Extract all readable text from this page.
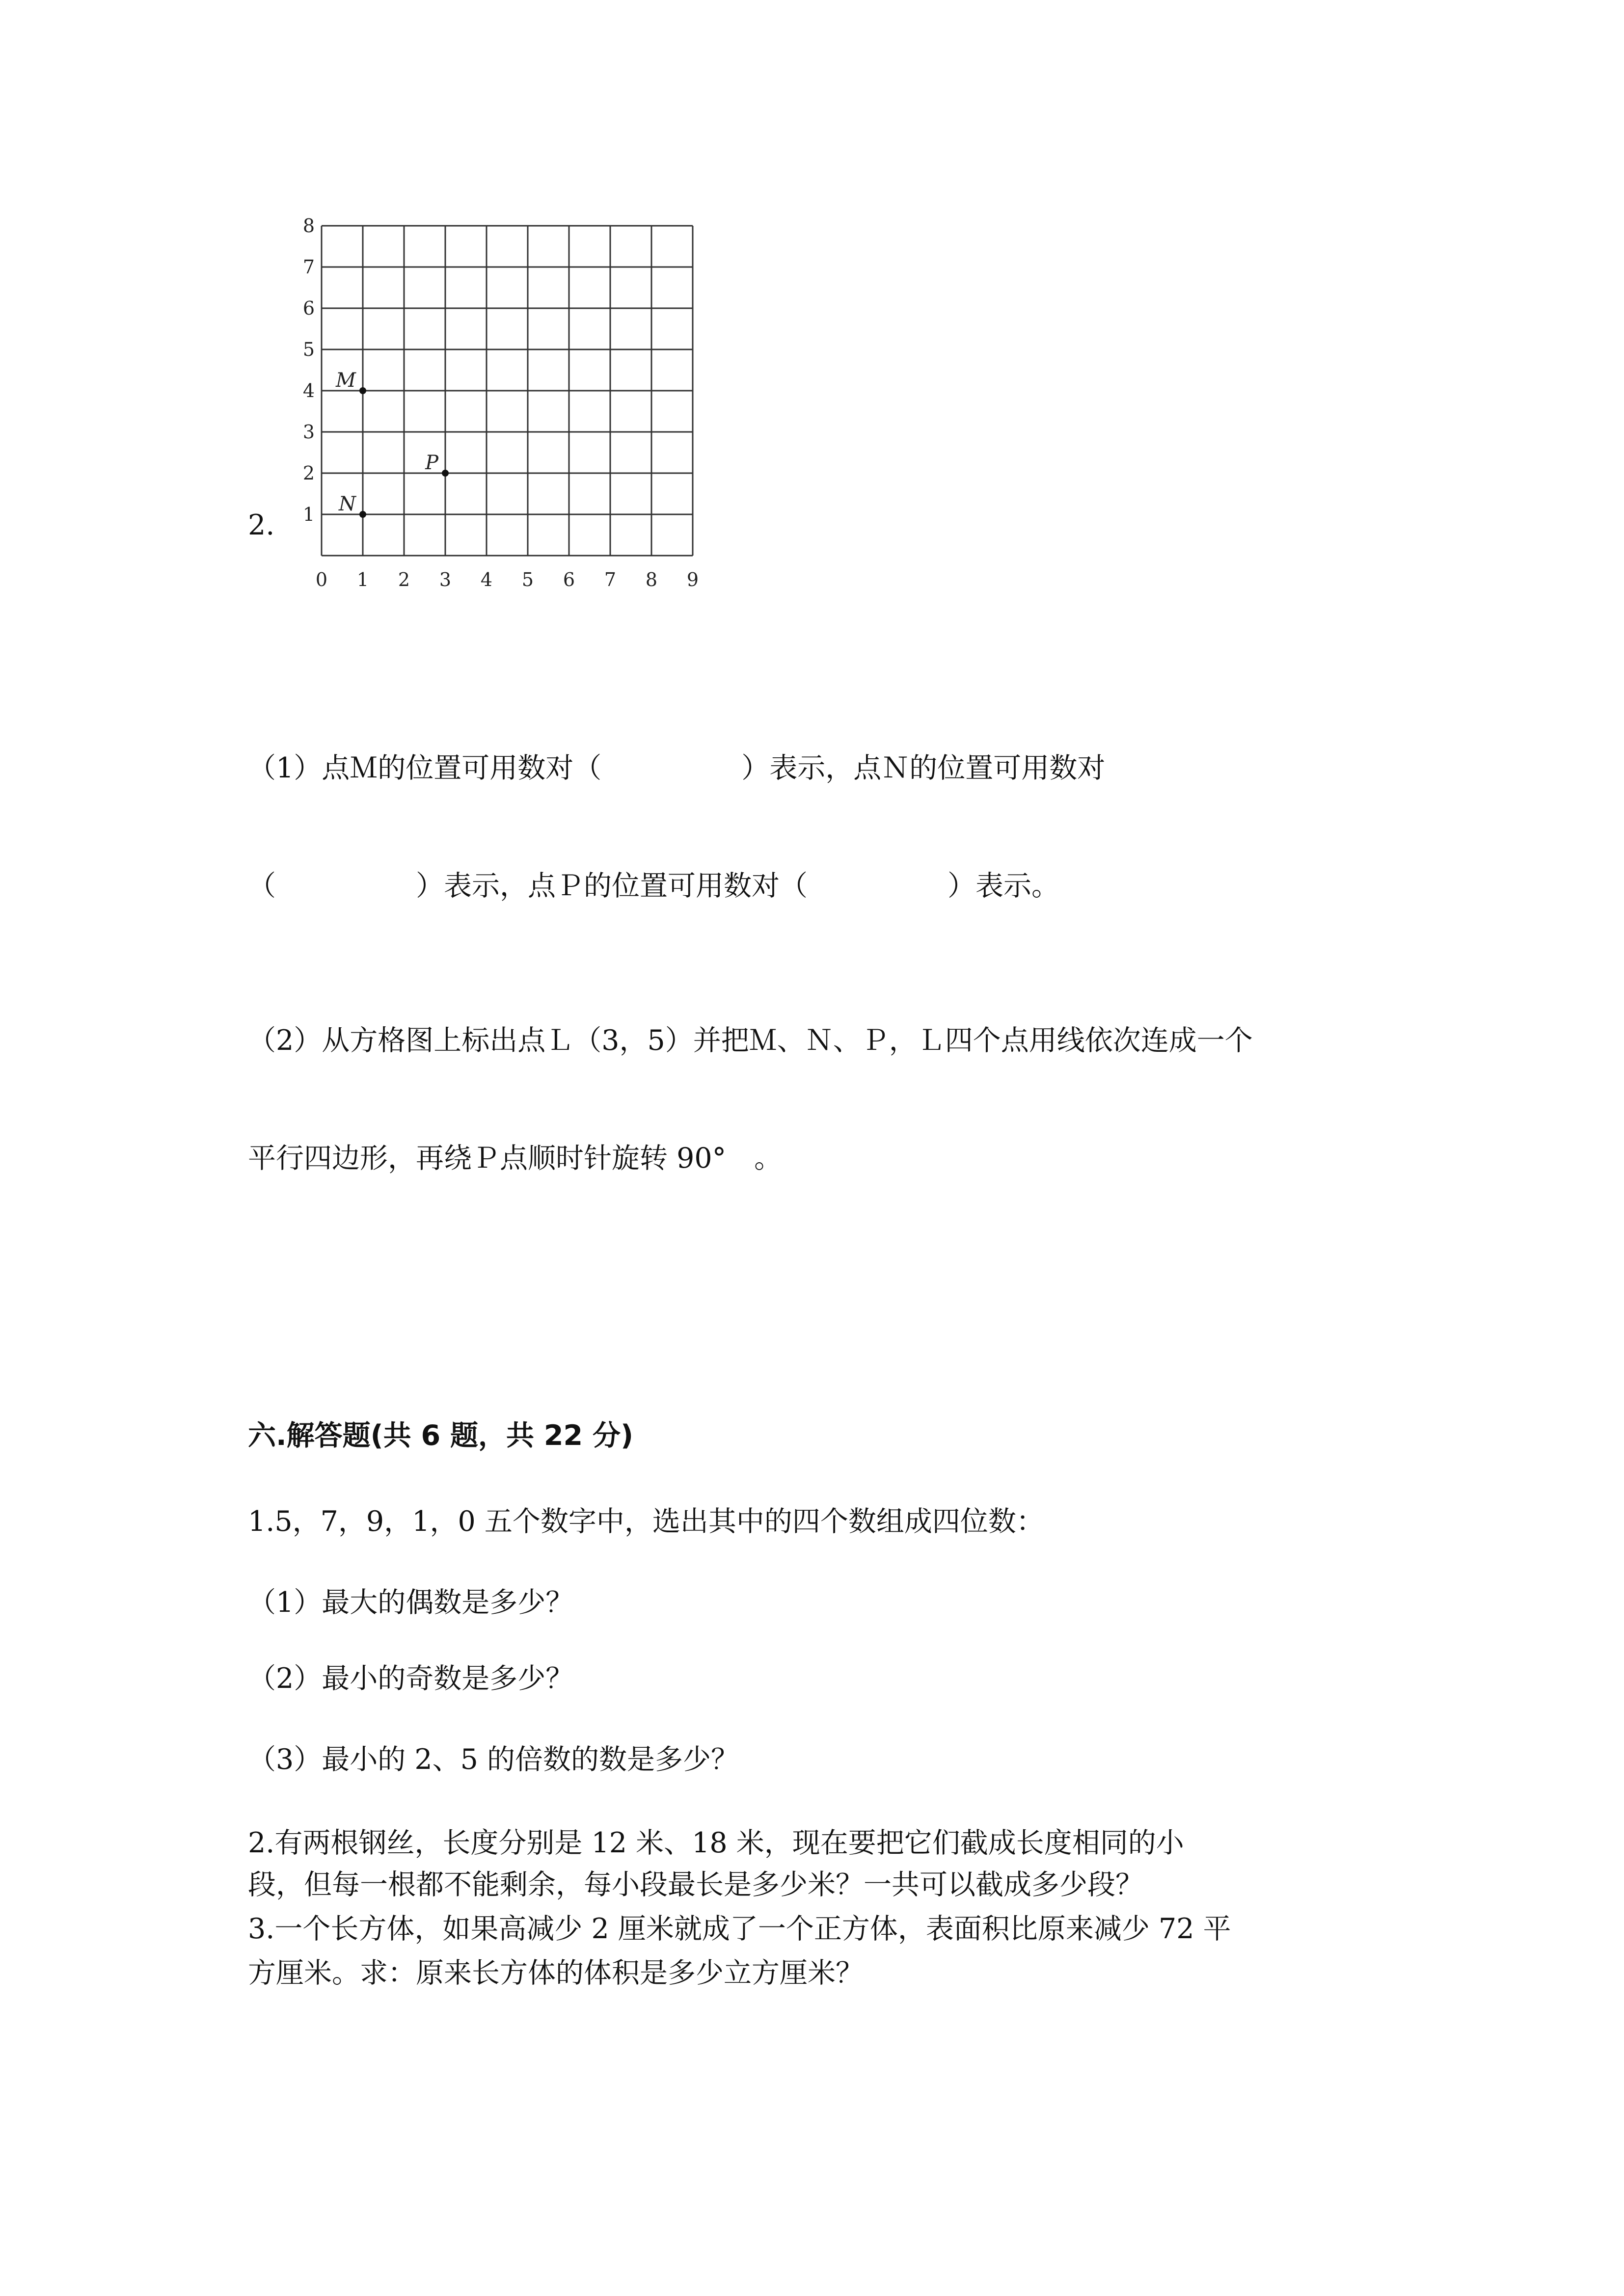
2.

0 1 2 3 4 5 6 7 8 9
1
2
3
4
5
6
7
8
M
P
N

（1）点Ｍ的位置可用数对（　　　　　）表示，点Ｎ的位置可用数对

（　　　　　）表示，点Ｐ的位置可用数对（　　　　　）表示。

（2）从方格图上标出点Ｌ（3，5）并把Ｍ、Ｎ、Ｐ，Ｌ四个点用线依次连成一个

平行四边形，再绕Ｐ点顺时针旋转 90°　。

六.解答题(共 6 题，共 22 分)

1.5，7，9，1，0 五个数字中，选出其中的四个数组成四位数：

（1）最大的偶数是多少？

（2）最小的奇数是多少？

（3）最小的 2、5 的倍数的数是多少？

2.有两根钢丝，长度分别是 12 米、18 米，现在要把它们截成长度相同的小

段，但每一根都不能剩余，每小段最长是多少米？一共可以截成多少段？

3.一个长方体，如果高减少 2 厘米就成了一个正方体，表面积比原来减少 72 平

方厘米。求：原来长方体的体积是多少立方厘米？
